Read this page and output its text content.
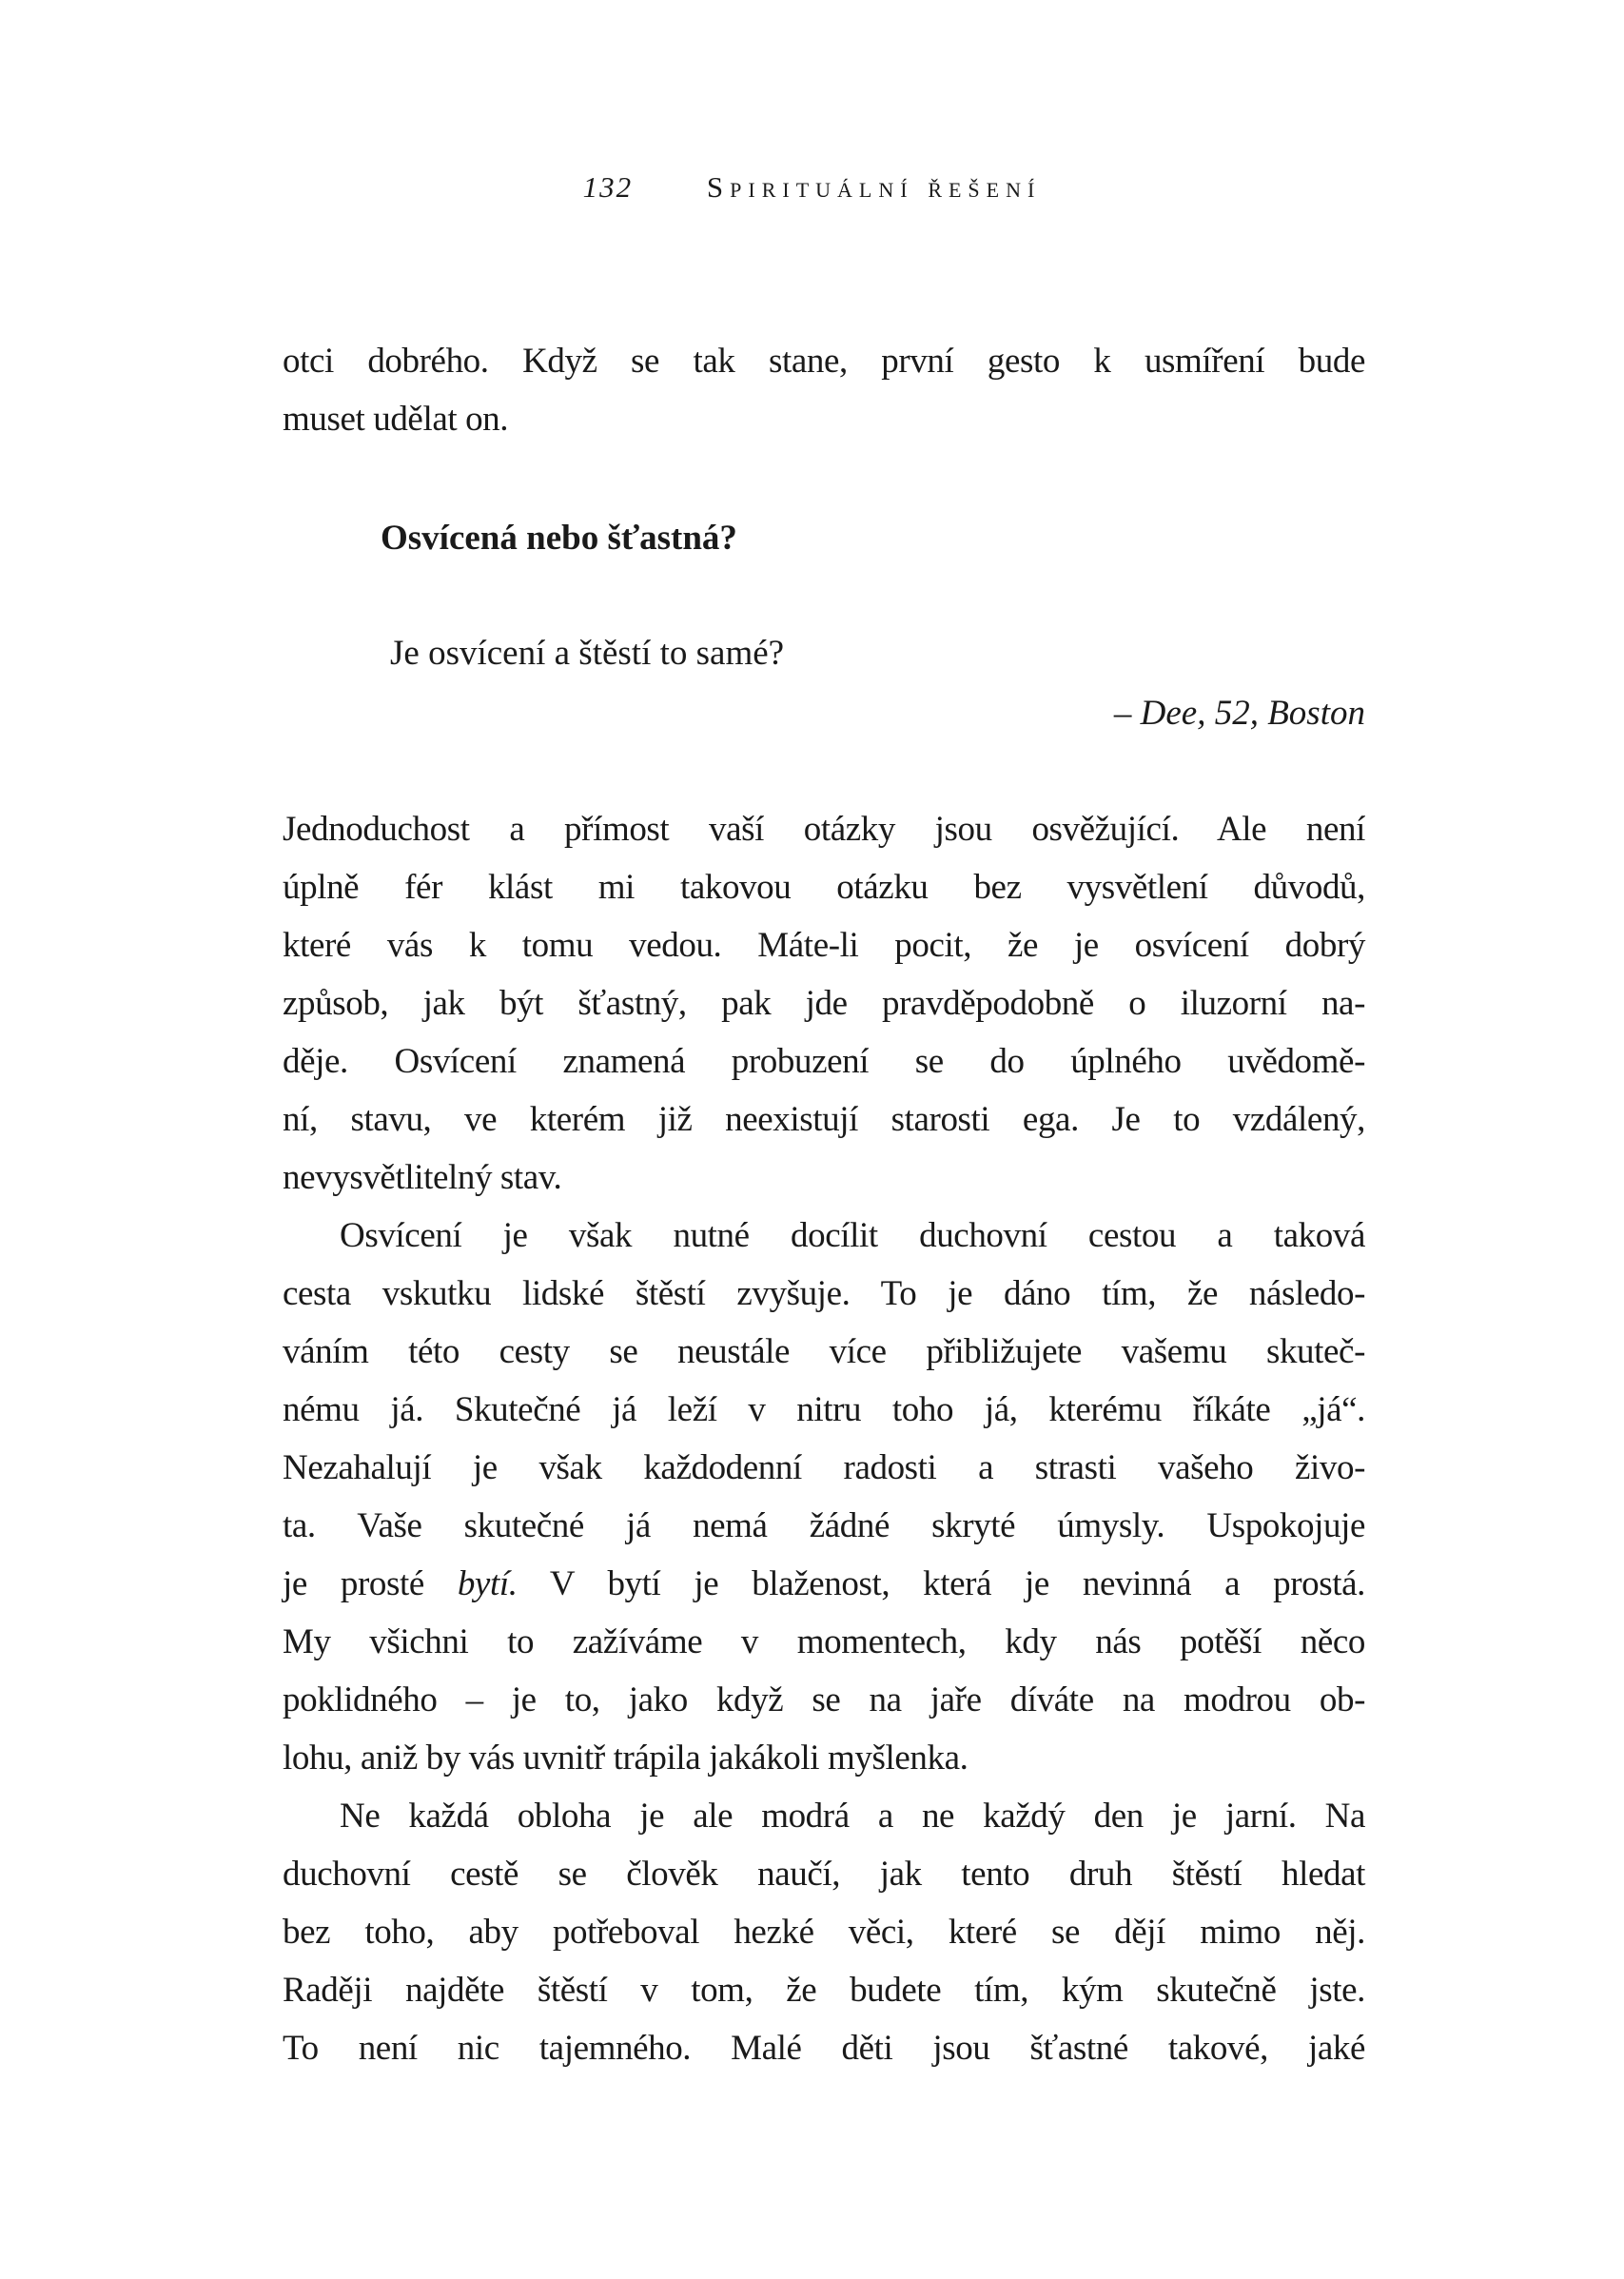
132	Spirituální řešení
otci dobrého. Když se tak stane, první gesto k usmíření bude
muset udělat on.
Osvícená nebo šťastná?
Je osvícení a štěstí to samé?
– Dee, 52, Boston
Jednoduchost a přímost vaší otázky jsou osvěžující. Ale není
úplně fér klást mi takovou otázku bez vysvětlení důvodů,
které vás k tomu vedou. Máte-li pocit, že je osvícení dobrý
způsob, jak být šťastný, pak jde pravděpodobně o iluzorní na-
děje. Osvícení znamená probuzení se do úplného uvědomě-
ní, stavu, ve kterém již neexistují starosti ega. Je to vzdálený,
nevysvětlitelný stav.
Osvícení je však nutné docílit duchovní cestou a taková
cesta vskutku lidské štěstí zvyšuje. To je dáno tím, že následo-
váním této cesty se neustále více přibližujete vašemu skuteč-
nému já. Skutečné já leží v nitru toho já, kterému říkáte „já“.
Nezahalují je však každodenní radosti a strasti vašeho živo-
ta. Vaše skutečné já nemá žádné skryté úmysly. Uspokojuje
je prosté bytí. V bytí je blaženost, která je nevinná a prostá.
My všichni to zažíváme v momentech, kdy nás potěší něco
poklidného – je to, jako když se na jaře díváte na modrou ob-
lohu, aniž by vás uvnitř trápila jakákoli myšlenka.
Ne každá obloha je ale modrá a ne každý den je jarní. Na
duchovní cestě se člověk naučí, jak tento druh štěstí hledat
bez toho, aby potřeboval hezké věci, které se dějí mimo něj.
Raději najděte štěstí v tom, že budete tím, kým skutečně jste.
To není nic tajemného. Malé děti jsou šťastné takové, jaké
